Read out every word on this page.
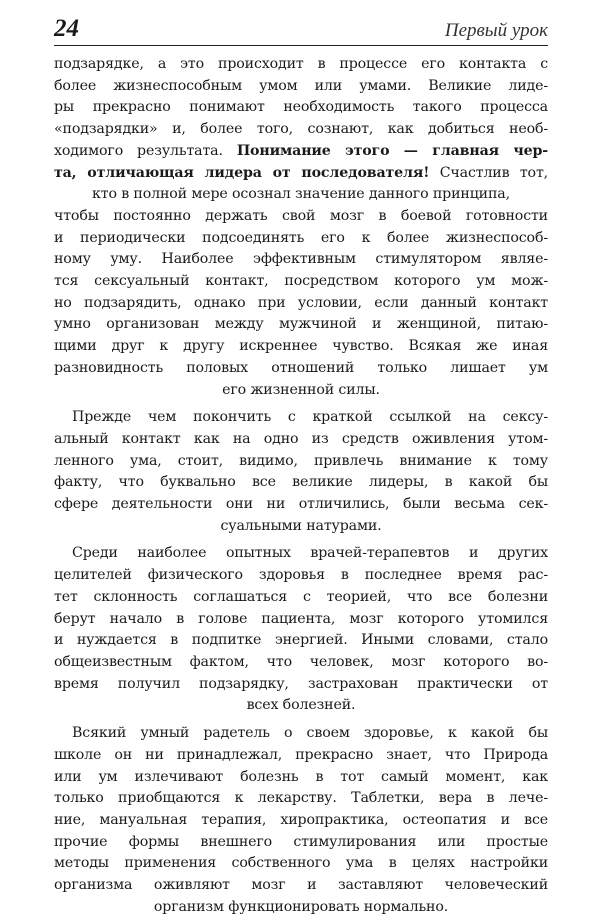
24	Первый урок
подзарядке, а это происходит в процессе его контакта с
более жизнеспособным умом или умами. Великие лиде-
ры прекрасно понимают необходимость такого процесса
«подзарядки» и, более того, сознают, как добиться необ-
ходимого результата. Понимание этого — главная чер-
та, отличающая лидера от последователя! Счастлив тот,
кто в полной мере осознал значение данного принципа,
чтобы постоянно держать свой мозг в боевой готовности
и периодически подсоединять его к более жизнеспособ-
ному уму. Наиболее эффективным стимулятором являе-
тся сексуальный контакт, посредством которого ум мож-
но подзарядить, однако при условии, если данный контакт
умно организован между мужчиной и женщиной, питаю-
щими друг к другу искреннее чувство. Всякая же иная
разновидность половых отношений только лишает ум
его жизненной силы.
Прежде чем покончить с краткой ссылкой на сексу-
альный контакт как на одно из средств оживления утом-
ленного ума, стоит, видимо, привлечь внимание к тому
факту, что буквально все великие лидеры, в какой бы
сфере деятельности они ни отличились, были весьма сек-
суальными натурами.
Среди наиболее опытных врачей-терапевтов и других
целителей физического здоровья в последнее время рас-
тет склонность соглашаться с теорией, что все болезни
берут начало в голове пациента, мозг которого утомился
и нуждается в подпитке энергией. Иными словами, стало
общеизвестным фактом, что человек, мозг которого во-
время получил подзарядку, застрахован практически от
всех болезней.
Всякий умный радетель о своем здоровье, к какой бы
школе он ни принадлежал, прекрасно знает, что Природа
или ум излечивают болезнь в тот самый момент, как
только приобщаются к лекарству. Таблетки, вера в лече-
ние, мануальная терапия, хиропрактика, остеопатия и все
прочие формы внешнего стимулирования или простые
методы применения собственного ума в целях настройки
организма оживляют мозг и заставляют человеческий
организм функционировать нормально.
